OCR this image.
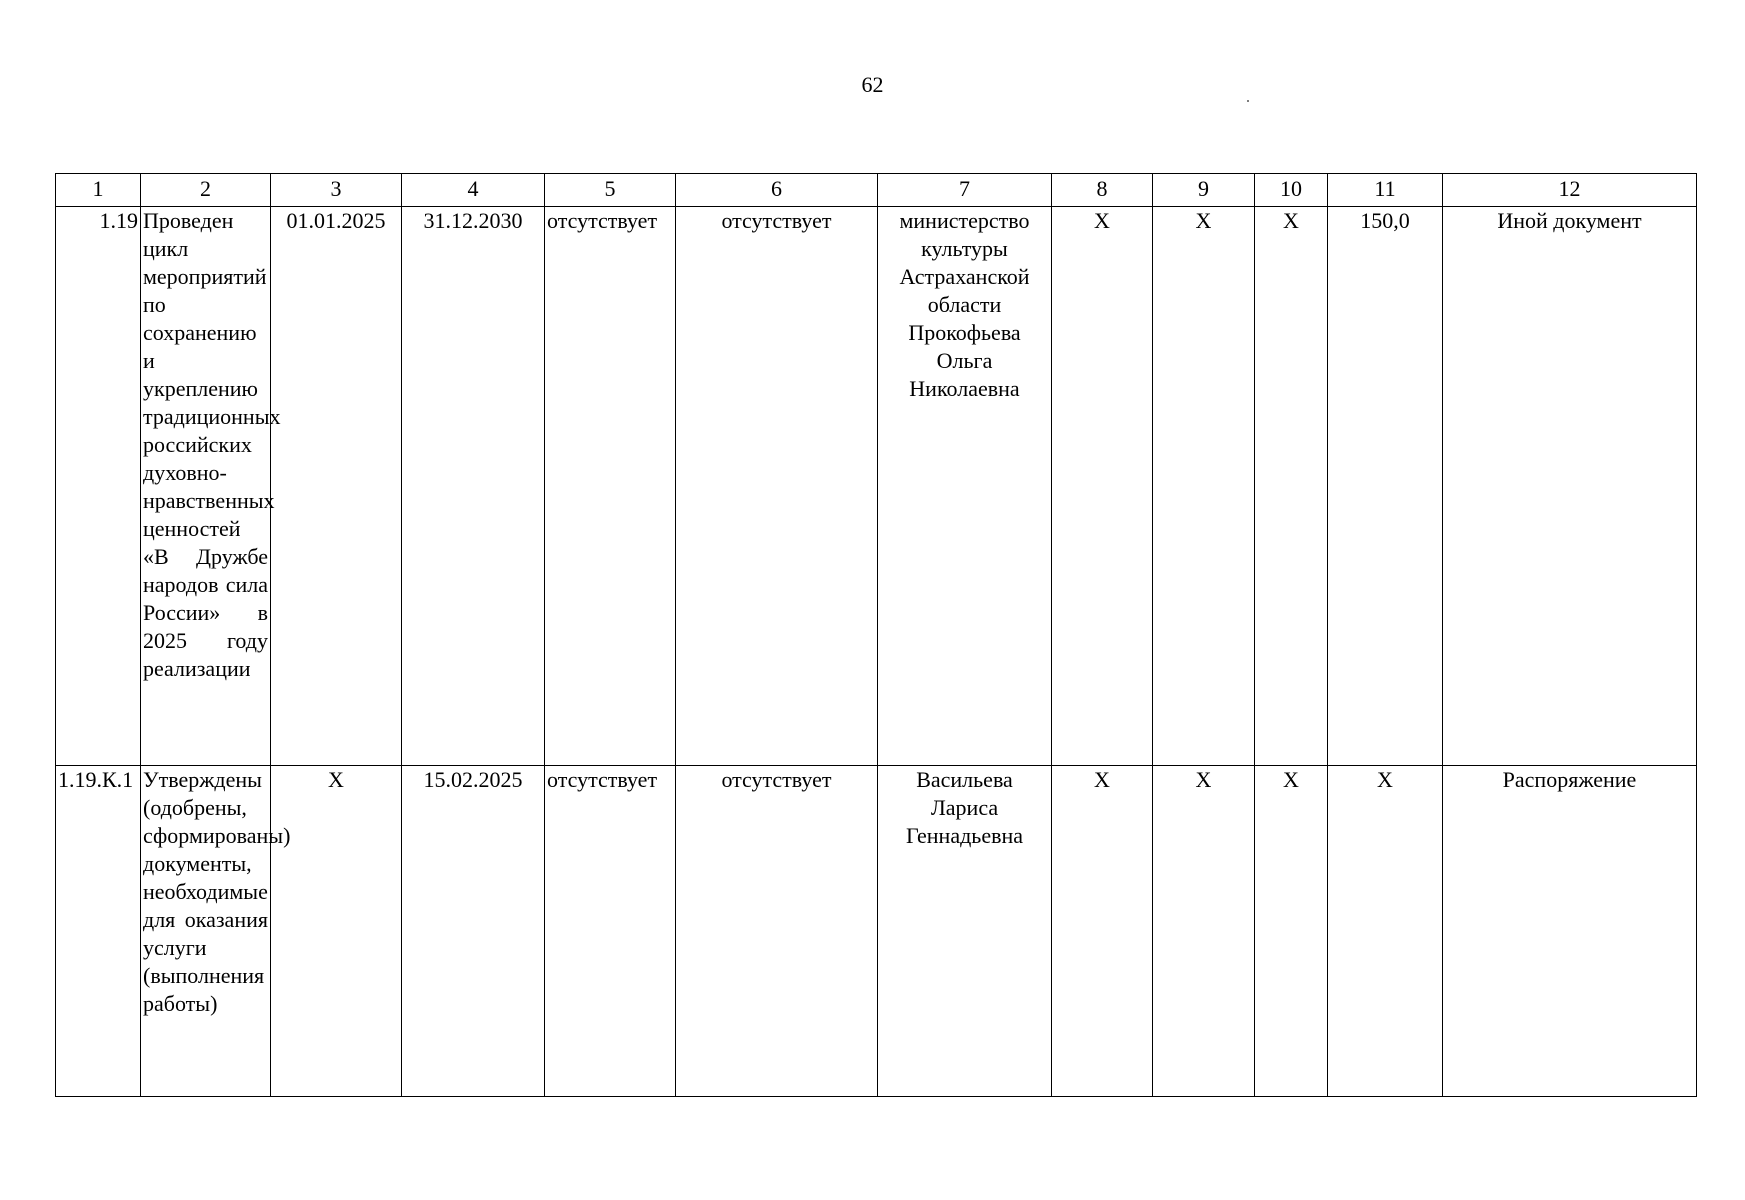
62
1	2	3	4	5	6	7	8	9	10	11	12
1.19	Проведен цикл мероприятий по сохранению и укреплению традиционных российских духовно-нравственных ценностей «В Дружбе народов сила России» в 2025 году реализации	01.01.2025	31.12.2030	отсутствует	отсутствует	министерство культуры Астраханской области Прокофьева Ольга Николаевна	X	X	X	150,0	Иной документ
1.19.К.1	Утверждены (одобрены, сформированы) документы, необходимые для оказания услуги (выполнения работы)	X	15.02.2025	отсутствует	отсутствует	Васильева Лариса Геннадьевна	X	X	X	X	Распоряжение
